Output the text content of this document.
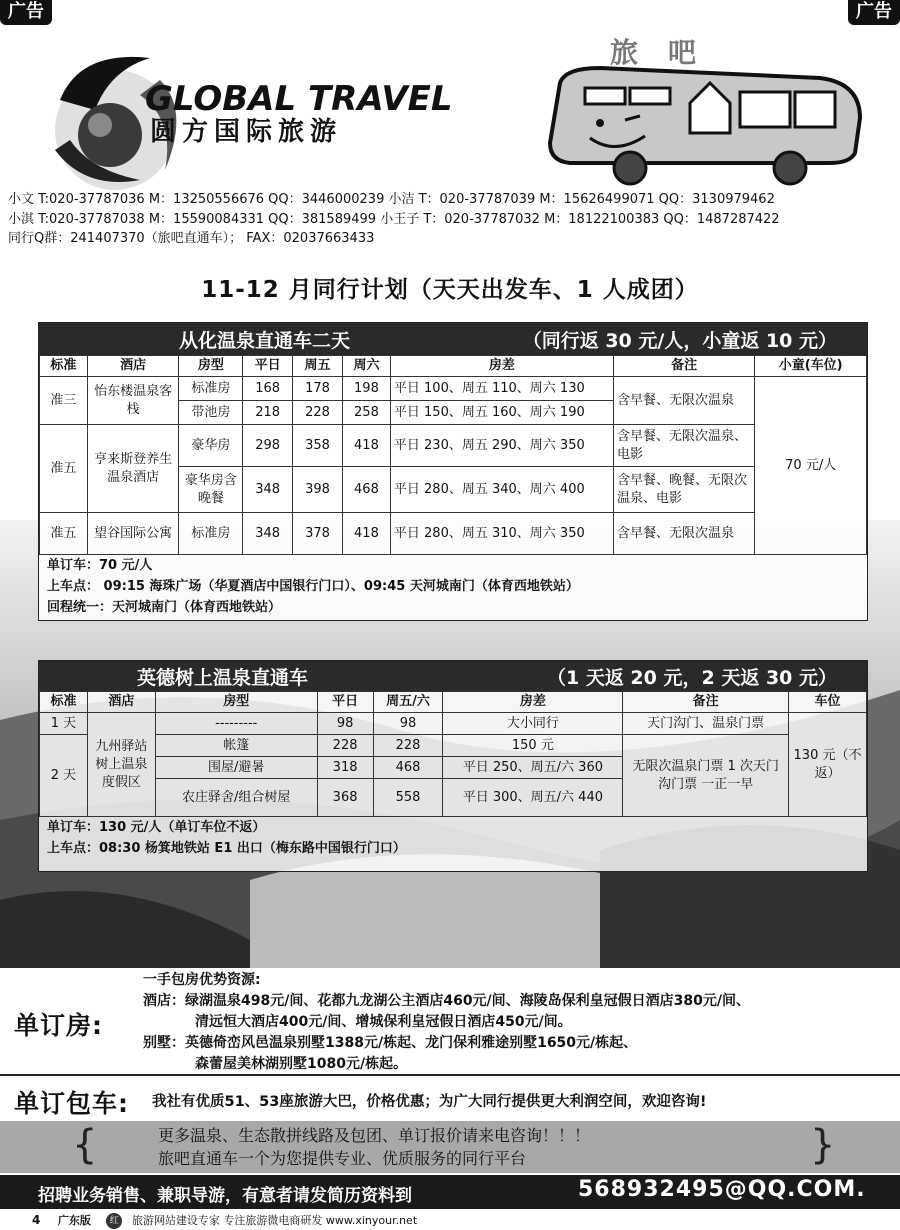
广告	广告
GLOBAL TRAVEL
圆方国际旅游
旅吧
小文 T:020-37787036 M：13250556676 QQ：3446000239 小洁 T：020-37787039 M：15626499071 QQ：3130979462
小淇 T:020-37787038 M：15590084331 QQ：381589499 小王子 T：020-37787032 M：18122100383 QQ：1487287422
同行Q群：241407370（旅吧直通车）； FAX：02037663433
11-12 月同行计划（天天出发车、1 人成团）
从化温泉直通车二天	（同行返 30 元/人，小童返 10 元）
标准	酒店	房型	平日	周五	周六	房差	备注	小童(车位)
准三	怡东楼温泉客栈	标准房	168	178	198	平日 100、周五 110、周六 130	含早餐、无限次温泉	70 元/人
		带池房	218	228	258	平日 150、周五 160、周六 190		
准五	亨来斯登养生温泉酒店	豪华房	298	358	418	平日 230、周五 290、周六 350	含早餐、无限次温泉、电影	
		豪华房含晚餐	348	398	468	平日 280、周五 340、周六 400	含早餐、晚餐、无限次温泉、电影	
准五	望谷国际公寓	标准房	348	378	418	平日 280、周五 310、周六 350	含早餐、无限次温泉	
单订车：70 元/人
上车点： 09:15 海珠广场（华夏酒店中国银行门口）、09:45 天河城南门（体育西地铁站）
回程统一：天河城南门（体育西地铁站）
英德树上温泉直通车	（1 天返 20 元，2 天返 30 元）
标准	酒店	房型	平日	周五/六	房差	备注	车位
1 天	九州驿站树上温泉度假区	---------	98	98	大小同行	天门沟门、温泉门票	130 元（不返）
2 天		帐篷	228	228	150 元	无限次温泉门票 1 次天门沟门票 一正一早	
		围屋/避暑	318	468	平日 250、周五/六 360		
		农庄驿舍/组合树屋	368	558	平日 300、周五/六 440		
单订车：130 元/人（单订车位不返）
上车点：08:30 杨箕地铁站 E1 出口（梅东路中国银行门口）
单订房:
一手包房优势资源:
酒店：绿湖温泉498元/间、花都九龙湖公主酒店460元/间、海陵岛保利皇冠假日酒店380元/间、
清远恒大酒店400元/间、增城保利皇冠假日酒店450元/间。
别墅：英德倚峦风邑温泉别墅1388元/栋起、龙门保利雅途别墅1650元/栋起、
森蕾屋美林湖别墅1080元/栋起。
单订包车: 我社有优质51、53座旅游大巴，价格优惠；为广大同行提供更大利润空间，欢迎咨询!
{	}
更多温泉、生态散拼线路及包团、单订报价请来电咨询！！！
旅吧直通车一个为您提供专业、优质服务的同行平台
招聘业务销售、兼职导游，有意者请发简历资料到	568932495@QQ.COM.
4 广东版 红 旅游网站建设专家 专注旅游微电商研发 www.xinyour.net
